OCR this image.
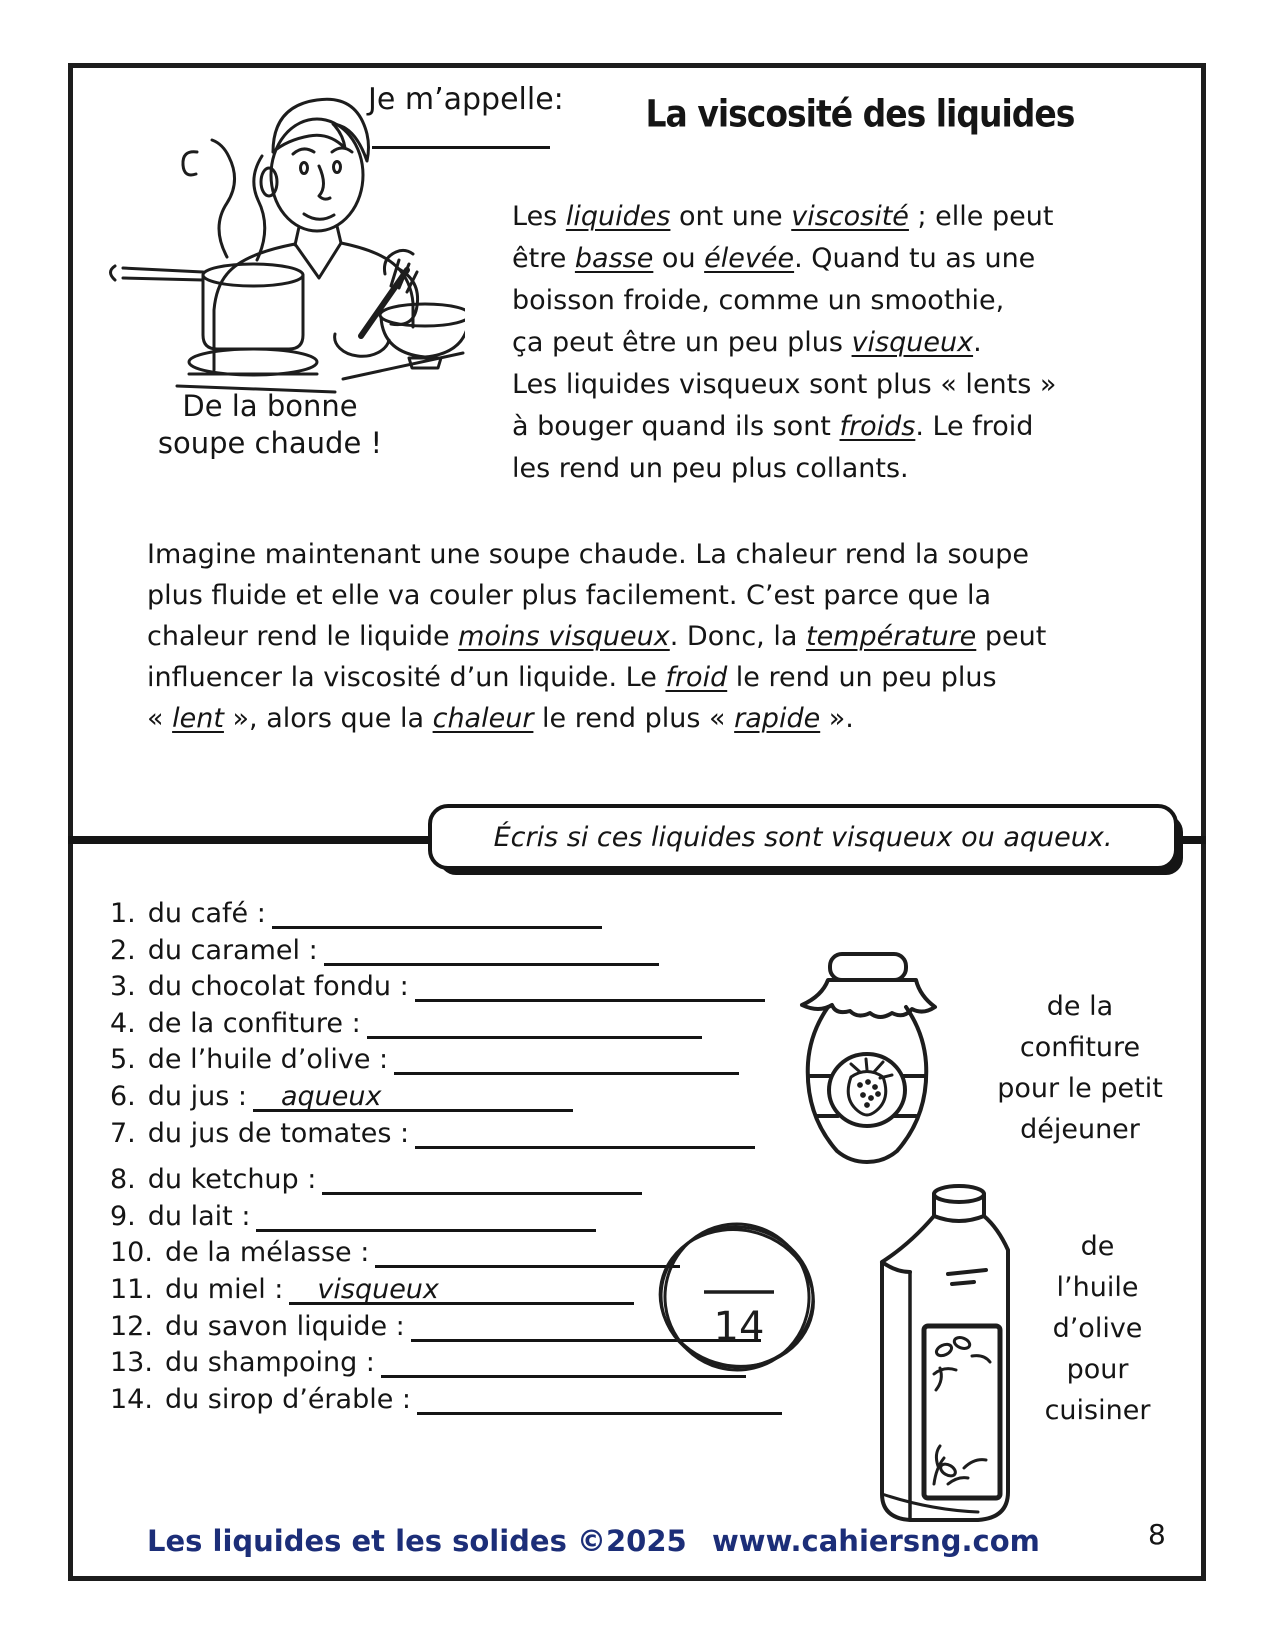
De la bonne
soupe chaude !
Je m’appelle:	La viscosité des liquides
Les liquides ont une viscosité ; elle peut
être basse ou élevée. Quand tu as une
boisson froide, comme un smoothie,
ça peut être un peu plus visqueux.
Les liquides visqueux sont plus « lents »
à bouger quand ils sont froids. Le froid
les rend un peu plus collants.
Imagine maintenant une soupe chaude. La chaleur rend la soupe
plus fluide et elle va couler plus facilement. C’est parce que la
chaleur rend le liquide moins visqueux. Donc, la température peut
influencer la viscosité d’un liquide. Le froid le rend un peu plus
« lent », alors que la chaleur le rend plus « rapide ».
Écris si ces liquides sont visqueux ou aqueux.
1. du café :
2. du caramel :
3. du chocolat fondu :
4. de la confiture :
5. de l’huile d’olive :
6. du jus : aqueux
7. du jus de tomates :
8. du ketchup :
9. du lait :
10. de la mélasse :
11. du miel : visqueux
12. du savon liquide :
13. du shampoing :
14. du sirop d’érable :
de la
confiture
pour le petit
déjeuner
14
de
l’huile
d’olive
pour
cuisiner
Les liquides et les solides ©2025 www.cahiersng.com	8
